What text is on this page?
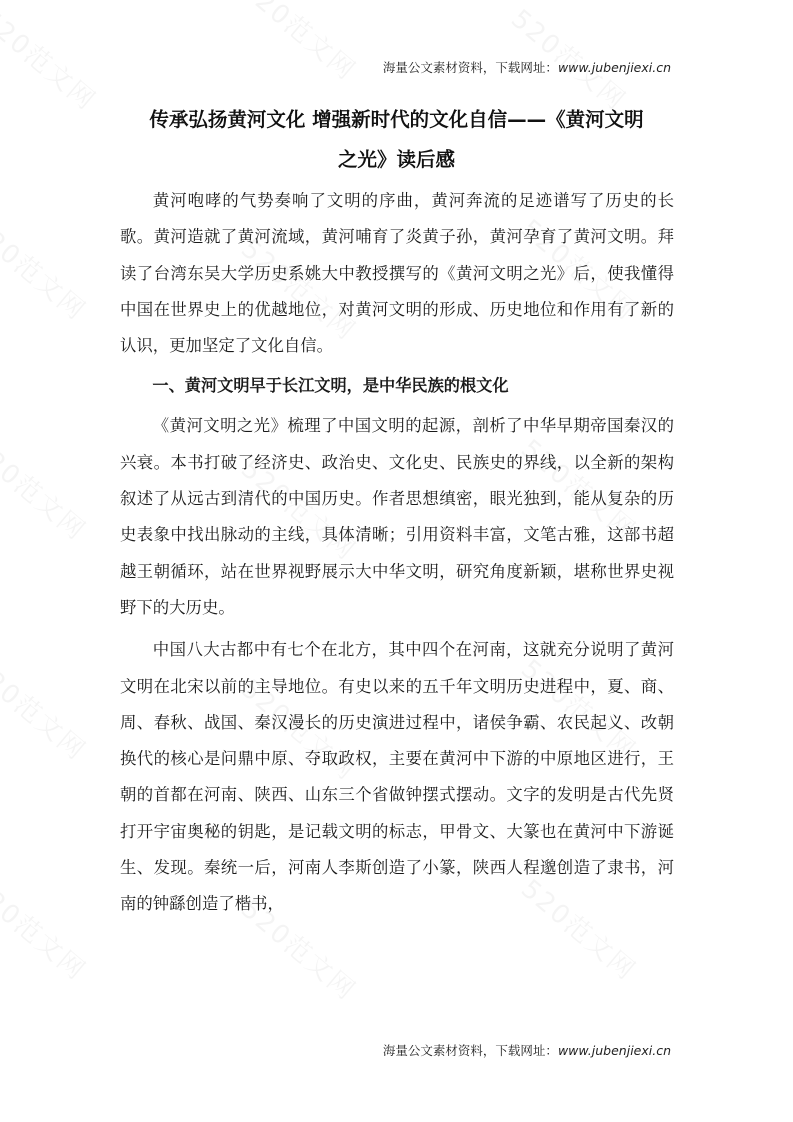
海量公文素材资料，下载网址：www.jubenjiexi.cn
传承弘扬黄河文化 增强新时代的文化自信——《黄河文明
之光》读后感

黄河咆哮的气势奏响了文明的序曲，黄河奔流的足迹谱写了历史的长歌。黄河造就了黄河流域，黄河哺育了炎黄子孙，黄河孕育了黄河文明。拜读了台湾东吴大学历史系姚大中教授撰写的《黄河文明之光》后，使我懂得中国在世界史上的优越地位，对黄河文明的形成、历史地位和作用有了新的认识，更加坚定了文化自信。

一、黄河文明早于长江文明，是中华民族的根文化

《黄河文明之光》梳理了中国文明的起源，剖析了中华早期帝国秦汉的兴衰。本书打破了经济史、政治史、文化史、民族史的界线，以全新的架构叙述了从远古到清代的中国历史。作者思想缜密，眼光独到，能从复杂的历史表象中找出脉动的主线，具体清晰；引用资料丰富，文笔古雅，这部书超越王朝循环，站在世界视野展示大中华文明，研究角度新颖，堪称世界史视野下的大历史。

中国八大古都中有七个在北方，其中四个在河南，这就充分说明了黄河文明在北宋以前的主导地位。有史以来的五千年文明历史进程中，夏、商、周、春秋、战国、秦汉漫长的历史演进过程中，诸侯争霸、农民起义、改朝换代的核心是问鼎中原、夺取政权，主要在黄河中下游的中原地区进行，王朝的首都在河南、陕西、山东三个省做钟摆式摆动。文字的发明是古代先贤打开宇宙奥秘的钥匙，是记载文明的标志，甲骨文、大篆也在黄河中下游诞生、发现。秦统一后，河南人李斯创造了小篆，陕西人程邈创造了隶书，河南的钟繇创造了楷书，

海量公文素材资料，下载网址：www.jubenjiexi.cn
